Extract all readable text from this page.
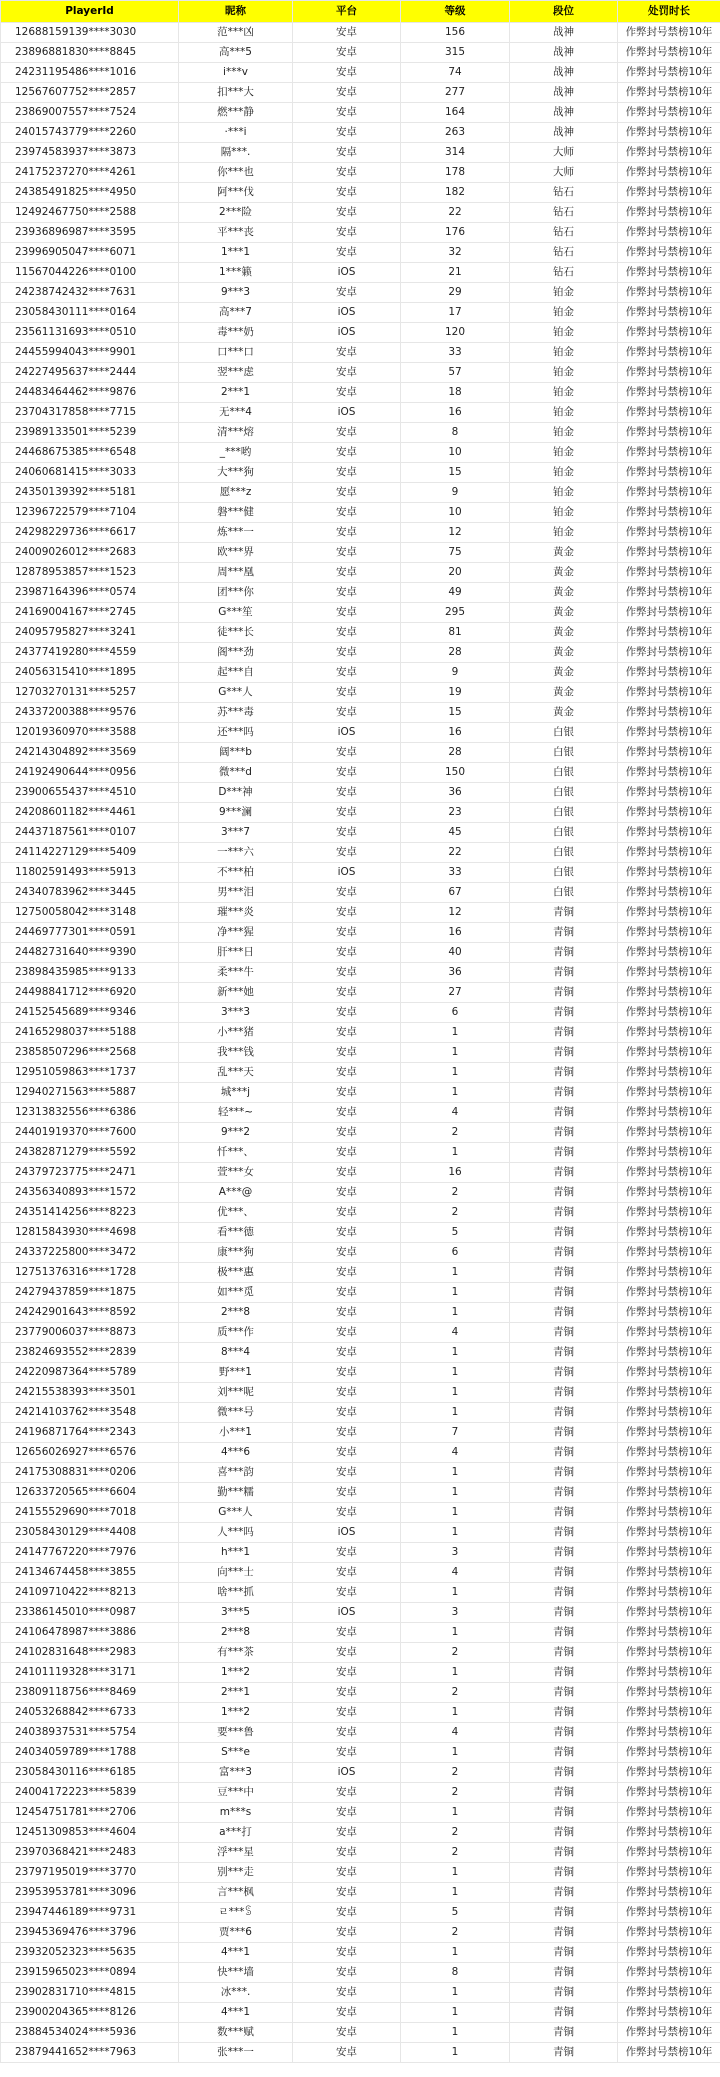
PlayerId	昵称	平台	等级	段位	处罚时长
12688159139****3030	范***凶	安卓	156	战神	作弊封号禁榜10年
23896881830****8845	高***5	安卓	315	战神	作弊封号禁榜10年
24231195486****1016	i***v	安卓	74	战神	作弊封号禁榜10年
12567607752****2857	扣***大	安卓	277	战神	作弊封号禁榜10年
23869007557****7524	燃***静	安卓	164	战神	作弊封号禁榜10年
24015743779****2260	·***i	安卓	263	战神	作弊封号禁榜10年
23974583937****3873	隔***.	安卓	314	大师	作弊封号禁榜10年
24175237270****4261	你***也	安卓	178	大师	作弊封号禁榜10年
24385491825****4950	阿***伐	安卓	182	钻石	作弊封号禁榜10年
12492467750****2588	2***险	安卓	22	钻石	作弊封号禁榜10年
23936896987****3595	平***丧	安卓	176	钻石	作弊封号禁榜10年
23996905047****6071	1***1	安卓	32	钻石	作弊封号禁榜10年
11567044226****0100	1***籁	iOS	21	钻石	作弊封号禁榜10年
24238742432****7631	9***3	安卓	29	铂金	作弊封号禁榜10年
23058430111****0164	高***7	iOS	17	铂金	作弊封号禁榜10年
23561131693****0510	毒***奶	iOS	120	铂金	作弊封号禁榜10年
24455994043****9901	口***口	安卓	33	铂金	作弊封号禁榜10年
24227495637****2444	翌***虑	安卓	57	铂金	作弊封号禁榜10年
24483464462****9876	2***1	安卓	18	铂金	作弊封号禁榜10年
23704317858****7715	无***4	iOS	16	铂金	作弊封号禁榜10年
23989133501****5239	清***熔	安卓	8	铂金	作弊封号禁榜10年
24468675385****6548	_***哟	安卓	10	铂金	作弊封号禁榜10年
24060681415****3033	大***狗	安卓	15	铂金	作弊封号禁榜10年
24350139392****5181	愿***z	安卓	9	铂金	作弊封号禁榜10年
12396722579****7104	磐***健	安卓	10	铂金	作弊封号禁榜10年
24298229736****6617	炼***一	安卓	12	铂金	作弊封号禁榜10年
24009026012****2683	欧***界	安卓	75	黄金	作弊封号禁榜10年
12878953857****1523	周***凰	安卓	20	黄金	作弊封号禁榜10年
23987164396****0574	团***你	安卓	49	黄金	作弊封号禁榜10年
24169004167****2745	G***笙	安卓	295	黄金	作弊封号禁榜10年
24095795827****3241	徒***长	安卓	81	黄金	作弊封号禁榜10年
24377419280****4559	阁***劲	安卓	28	黄金	作弊封号禁榜10年
24056315410****1895	起***自	安卓	9	黄金	作弊封号禁榜10年
12703270131****5257	G***人	安卓	19	黄金	作弊封号禁榜10年
24337200388****9576	苏***毒	安卓	15	黄金	作弊封号禁榜10年
12019360970****3588	还***吗	iOS	16	白银	作弊封号禁榜10年
24214304892****3569	阔***b	安卓	28	白银	作弊封号禁榜10年
24192490644****0956	微***d	安卓	150	白银	作弊封号禁榜10年
23900655437****4510	D***神	安卓	36	白银	作弊封号禁榜10年
24208601182****4461	9***澜	安卓	23	白银	作弊封号禁榜10年
24437187561****0107	3***7	安卓	45	白银	作弊封号禁榜10年
24114227129****5409	一***六	安卓	22	白银	作弊封号禁榜10年
11802591493****5913	不***柏	iOS	33	白银	作弊封号禁榜10年
24340783962****3445	男***泪	安卓	67	白银	作弊封号禁榜10年
12750058042****3148	璀***炎	安卓	12	青铜	作弊封号禁榜10年
24469777301****0591	净***猩	安卓	16	青铜	作弊封号禁榜10年
24482731640****9390	肝***日	安卓	40	青铜	作弊封号禁榜10年
23898435985****9133	柔***牛	安卓	36	青铜	作弊封号禁榜10年
24498841712****6920	新***她	安卓	27	青铜	作弊封号禁榜10年
24152545689****9346	3***3	安卓	6	青铜	作弊封号禁榜10年
24165298037****5188	小***猪	安卓	1	青铜	作弊封号禁榜10年
23858507296****2568	我***钱	安卓	1	青铜	作弊封号禁榜10年
12951059863****1737	乱***天	安卓	1	青铜	作弊封号禁榜10年
12940271563****5887	城***j	安卓	1	青铜	作弊封号禁榜10年
12313832556****6386	轻***~	安卓	4	青铜	作弊封号禁榜10年
24401919370****7600	9***2	安卓	2	青铜	作弊封号禁榜10年
24382871279****5592	忏***、	安卓	1	青铜	作弊封号禁榜10年
24379723775****2471	萱***女	安卓	16	青铜	作弊封号禁榜10年
24356340893****1572	A***@	安卓	2	青铜	作弊封号禁榜10年
24351414256****8223	优***、	安卓	2	青铜	作弊封号禁榜10年
12815843930****4698	看***德	安卓	5	青铜	作弊封号禁榜10年
24337225800****3472	康***狗	安卓	6	青铜	作弊封号禁榜10年
12751376316****1728	极***惠	安卓	1	青铜	作弊封号禁榜10年
24279437859****1875	如***觅	安卓	1	青铜	作弊封号禁榜10年
24242901643****8592	2***8	安卓	1	青铜	作弊封号禁榜10年
23779006037****8873	质***作	安卓	4	青铜	作弊封号禁榜10年
23824693552****2839	8***4	安卓	1	青铜	作弊封号禁榜10年
24220987364****5789	野***1	安卓	1	青铜	作弊封号禁榜10年
24215538393****3501	刘***呢	安卓	1	青铜	作弊封号禁榜10年
24214103762****3548	微***号	安卓	1	青铜	作弊封号禁榜10年
24196871764****2343	小***1	安卓	7	青铜	作弊封号禁榜10年
12656026927****6576	4***6	安卓	4	青铜	作弊封号禁榜10年
24175308831****0206	喜***韵	安卓	1	青铜	作弊封号禁榜10年
12633720565****6604	勤***糯	安卓	1	青铜	作弊封号禁榜10年
24155529690****7018	G***人	安卓	1	青铜	作弊封号禁榜10年
23058430129****4408	人***吗	iOS	1	青铜	作弊封号禁榜10年
24147767220****7976	h***1	安卓	3	青铜	作弊封号禁榜10年
24134674458****3855	向***士	安卓	4	青铜	作弊封号禁榜10年
24109710422****8213	啥***抓	安卓	1	青铜	作弊封号禁榜10年
23386145010****0987	3***5	iOS	3	青铜	作弊封号禁榜10年
24106478987****3886	2***8	安卓	1	青铜	作弊封号禁榜10年
24102831648****2983	有***茶	安卓	2	青铜	作弊封号禁榜10年
24101119328****3171	1***2	安卓	1	青铜	作弊封号禁榜10年
23809118756****8469	2***1	安卓	2	青铜	作弊封号禁榜10年
24053268842****6733	1***2	安卓	1	青铜	作弊封号禁榜10年
24038937531****5754	要***鲁	安卓	4	青铜	作弊封号禁榜10年
24034059789****1788	S***e	安卓	1	青铜	作弊封号禁榜10年
23058430116****6185	富***3	iOS	2	青铜	作弊封号禁榜10年
24004172223****5839	豆***中	安卓	2	青铜	作弊封号禁榜10年
12454751781****2706	m***s	安卓	1	青铜	作弊封号禁榜10年
12451309853****4604	a***打	安卓	2	青铜	作弊封号禁榜10年
23970368421****2483	浮***星	安卓	2	青铜	作弊封号禁榜10年
23797195019****3770	别***走	安卓	1	青铜	作弊封号禁榜10年
23953953781****3096	言***枫	安卓	1	青铜	作弊封号禁榜10年
23947446189****9731	ㄹ***ꌗ	安卓	5	青铜	作弊封号禁榜10年
23945369476****3796	贾***6	安卓	2	青铜	作弊封号禁榜10年
23932052323****5635	4***1	安卓	1	青铜	作弊封号禁榜10年
23915965023****0894	快***墙	安卓	8	青铜	作弊封号禁榜10年
23902831710****4815	冰***.	安卓	1	青铜	作弊封号禁榜10年
23900204365****8126	4***1	安卓	1	青铜	作弊封号禁榜10年
23884534024****5936	数***赋	安卓	1	青铜	作弊封号禁榜10年
23879441652****7963	张***一	安卓	1	青铜	作弊封号禁榜10年
